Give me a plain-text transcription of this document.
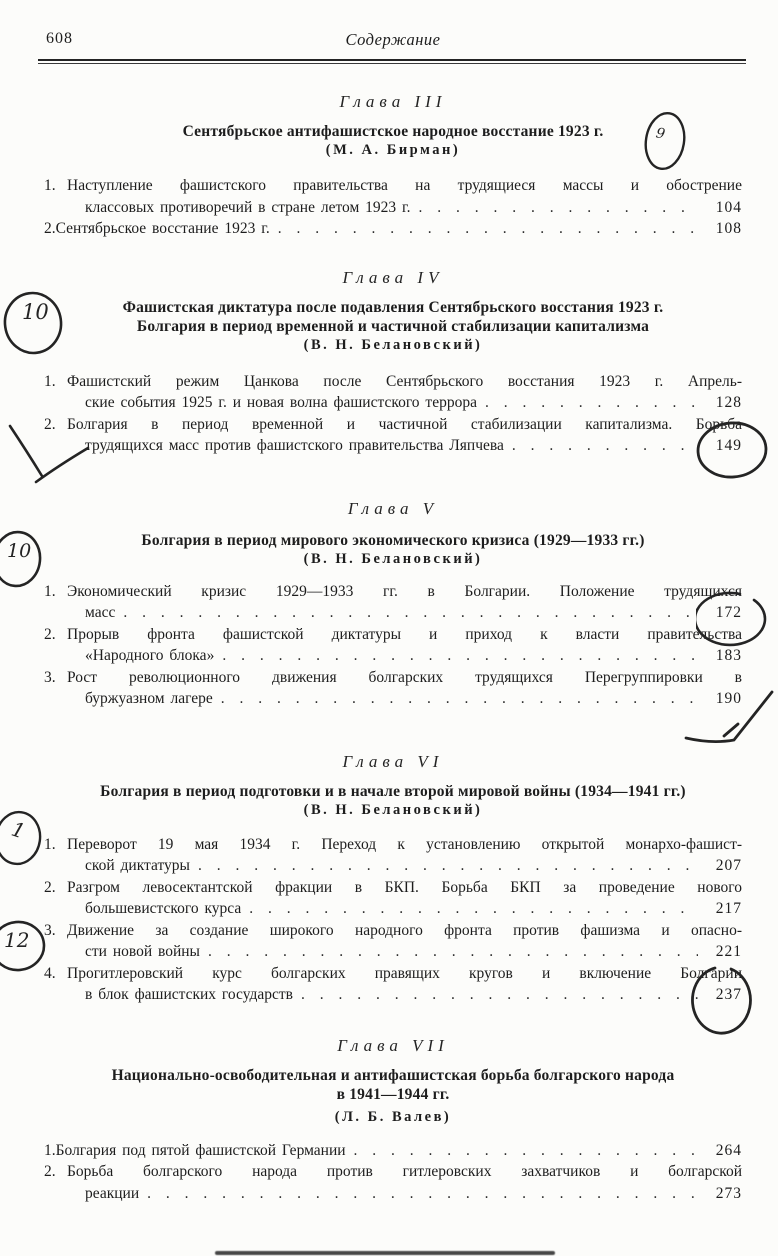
608	Содержание
Глава III
Сентябрьское антифашистское народное восстание 1923 г.
(М. А. Бирман)
1. Наступление фашистского правительства на трудящиеся массы и обострение
классовых противоречий в стране летом 1923 г. . . .	104
2. Сентябрьское восстание 1923 г. . . .	108
Глава IV
Фашистская диктатура после подавления Сентябрьского восстания 1923 г.
Болгария в период временной и частичной стабилизации капитализма
(В. Н. Белановский)
1. Фашистский режим Цанкова после Сентябрьского восстания 1923 г. Апрель-
ские события 1925 г. и новая волна фашистского террора . . .	128
2. Болгария в период временной и частичной стабилизации капитализма. Борьба
трудящихся масс против фашистского правительства Ляпчева . . .	149
Глава V
Болгария в период мирового экономического кризиса (1929—1933 гг.)
(В. Н. Белановский)
1. Экономический кризис 1929—1933 гг. в Болгарии. Положение трудящихся
масс . . .	172
2. Прорыв фронта фашистской диктатуры и приход к власти правительства
«Народного блока» . . .	183
3. Рост революционного движения болгарских трудящихся Перегруппировки в
буржуазном лагере . . .	190
Глава VI
Болгария в период подготовки и в начале второй мировой войны (1934—1941 гг.)
(В. Н. Белановский)
1. Переворот 19 мая 1934 г. Переход к установлению открытой монархо-фашист-
ской диктатуры . . .	207
2. Разгром левосектантской фракции в БКП. Борьба БКП за проведение нового
большевистского курса . . .	217
3. Движение за создание широкого народного фронта против фашизма и опасно-
сти новой войны . . .	221
4. Прогитлеровский курс болгарских правящих кругов и включение Болгарии
в блок фашистских государств . . .	237
Глава VII
Национально-освободительная и антифашистская борьба болгарского народа
в 1941—1944 гг.
(Л. Б. Валев)
1. Болгария под пятой фашистской Германии . . .	264
2. Борьба болгарского народа против гитлеровских захватчиков и болгарской
реакции . . .	273
9
10
10
1
12
